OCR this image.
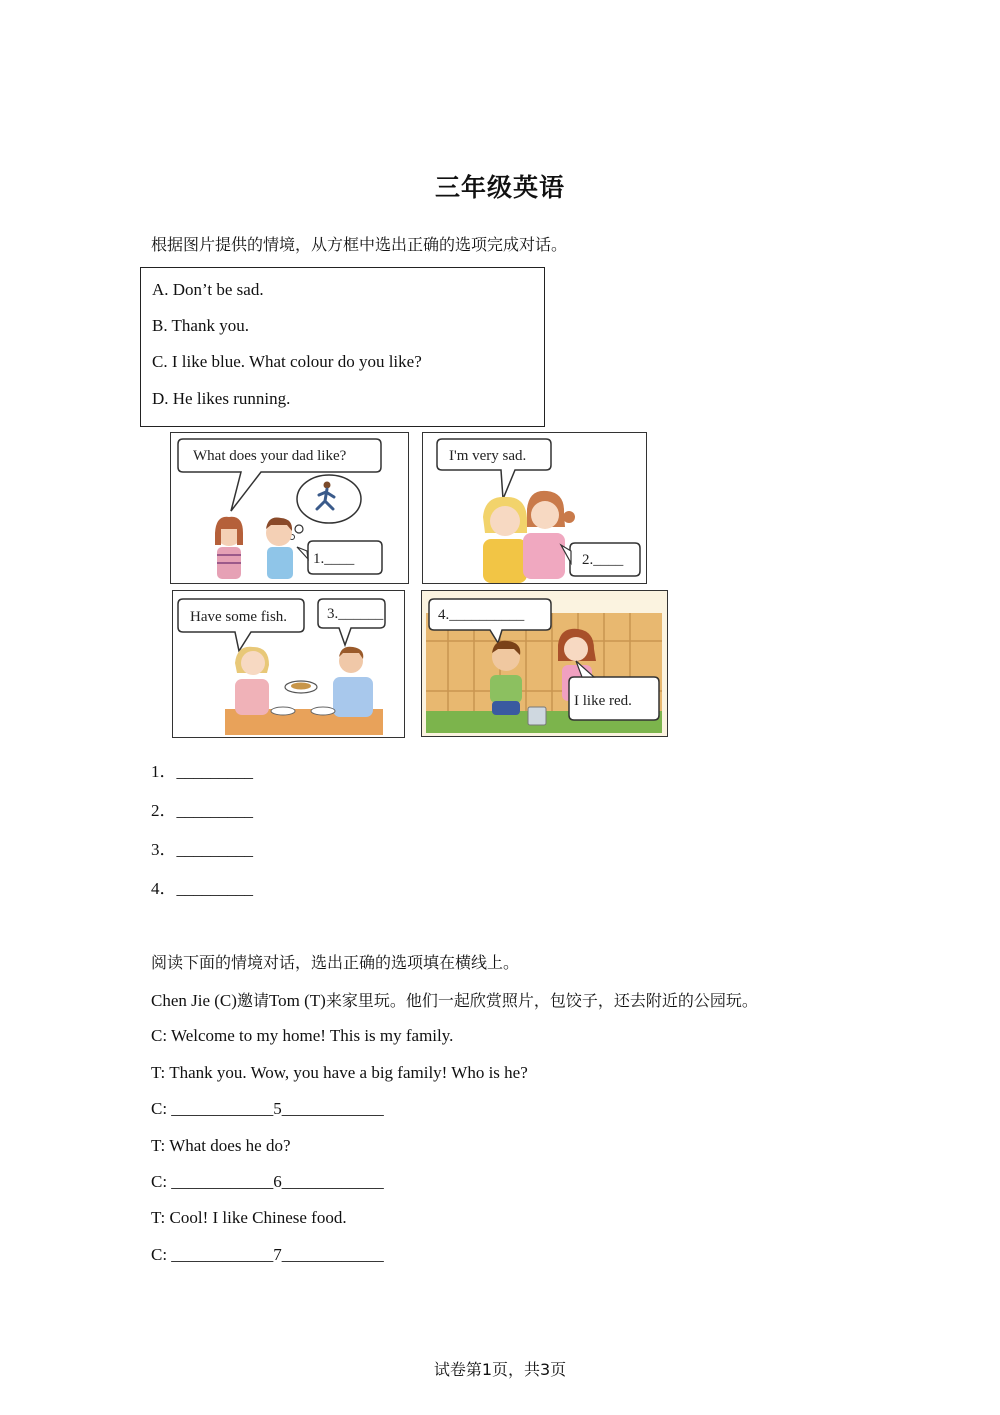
三年级英语
根据图片提供的情境，从方框中选出正确的选项完成对话。
A. Don’t be sad.
B. Thank you.
C. I like blue. What colour do you like?
D. He likes running.
What does your dad like?
1.____
I'm very sad.
2.____
Have some fish.	3.______	4.__________
I like red.
1．_________
2．_________
3．_________
4．_________
阅读下面的情境对话，选出正确的选项填在横线上。
Chen Jie (C)邀请Tom (T)来家里玩。他们一起欣赏照片，包饺子，还去附近的公园玩。
C: Welcome to my home! This is my family.
T: Thank you. Wow, you have a big family! Who is he?
C: ____________5____________
T: What does he do?
C: ____________6____________
T: Cool! I like Chinese food.
C: ____________7____________
试卷第1页，共3页
